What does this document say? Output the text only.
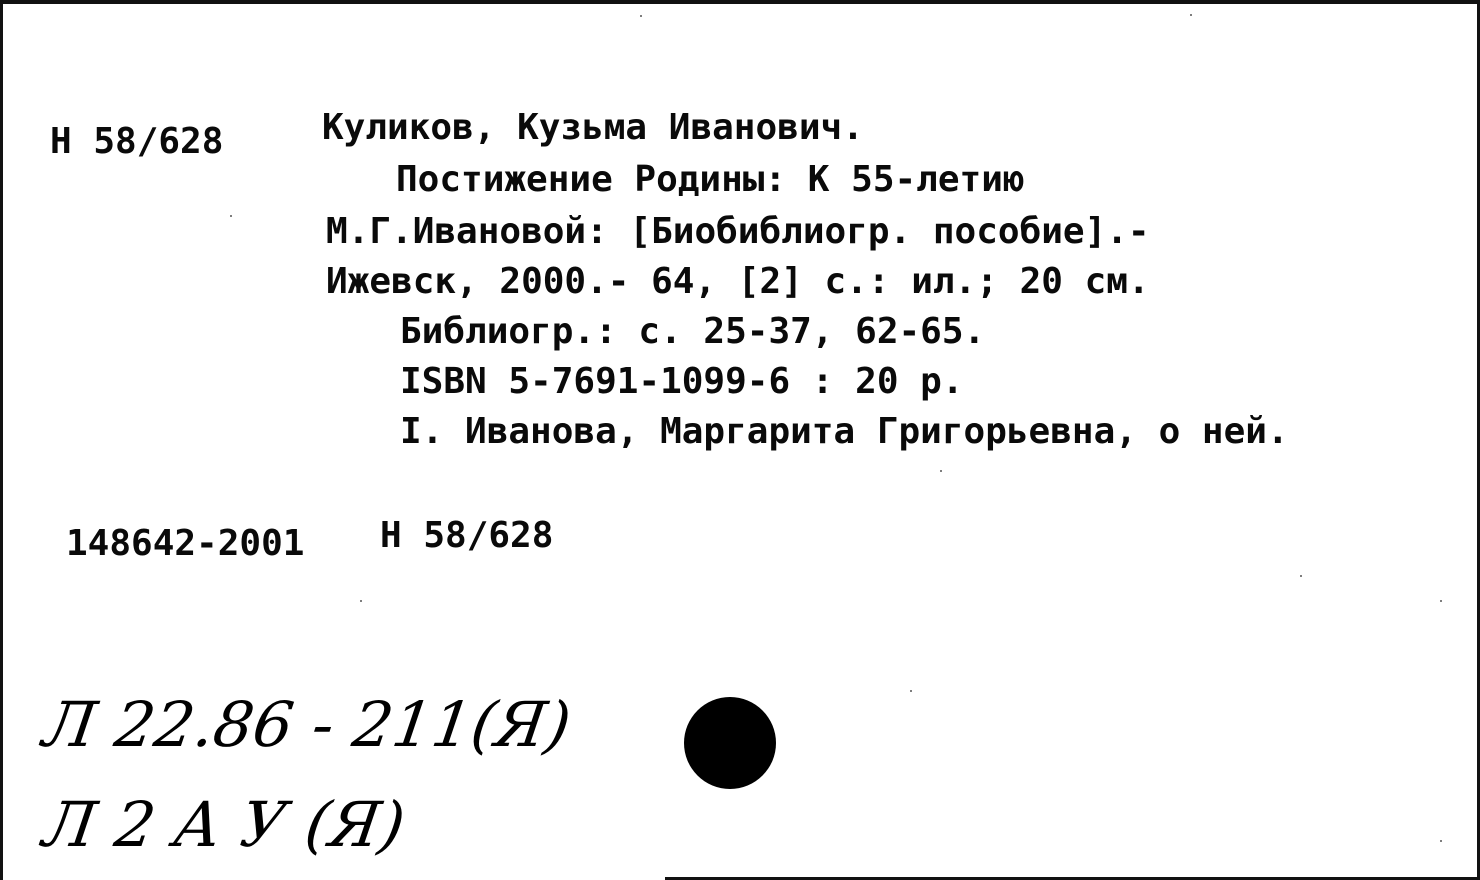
Н 58/628	Куликов, Кузьма Иванович.
Постижение Родины: К 55-летию
М.Г.Ивановой: [Биобиблиогр. пособие].-
Ижевск, 2000.- 64, [2] с.: ил.; 20 см.
Библиогр.: с. 25-37, 62-65.
ISBN 5-7691-1099-6 : 20 р.
I. Иванова, Маргарита Григорьевна, о ней.
148642-2001 Н 58/628
Л 22.86 - 211(Я)
Л 2 А У (Я)
